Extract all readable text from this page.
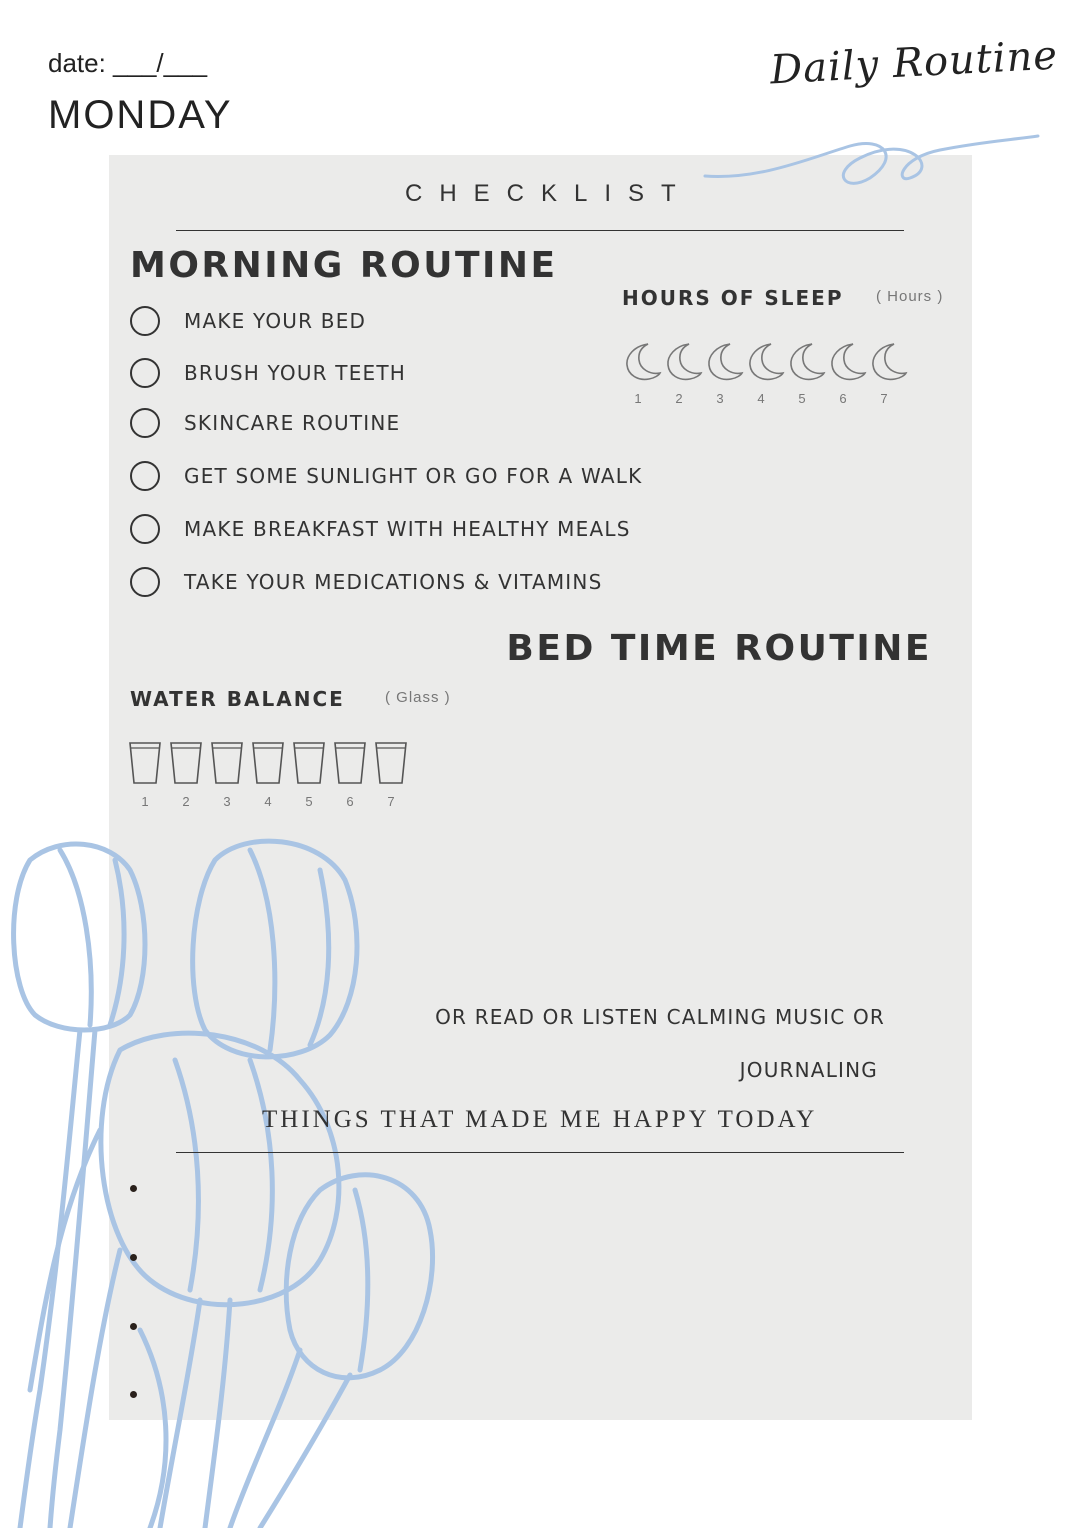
date: ___/___
MONDAY
Daily Routine
CHECKLIST
MORNING ROUTINE
MAKE YOUR BED
BRUSH YOUR TEETH
SKINCARE ROUTINE
GET SOME SUNLIGHT OR GO FOR A WALK
MAKE BREAKFAST WITH HEALTHY MEALS
TAKE YOUR MEDICATIONS & VITAMINS
HOURS OF SLEEP ( Hours )
1	2	3	4	5	6	7
BED TIME ROUTINE
OR READ OR LISTEN CALMING MUSIC OR
JOURNALING
WATER BALANCE	( Glass )
1	2	3	4	5	6	7
THINGS THAT MADE ME HAPPY TODAY
